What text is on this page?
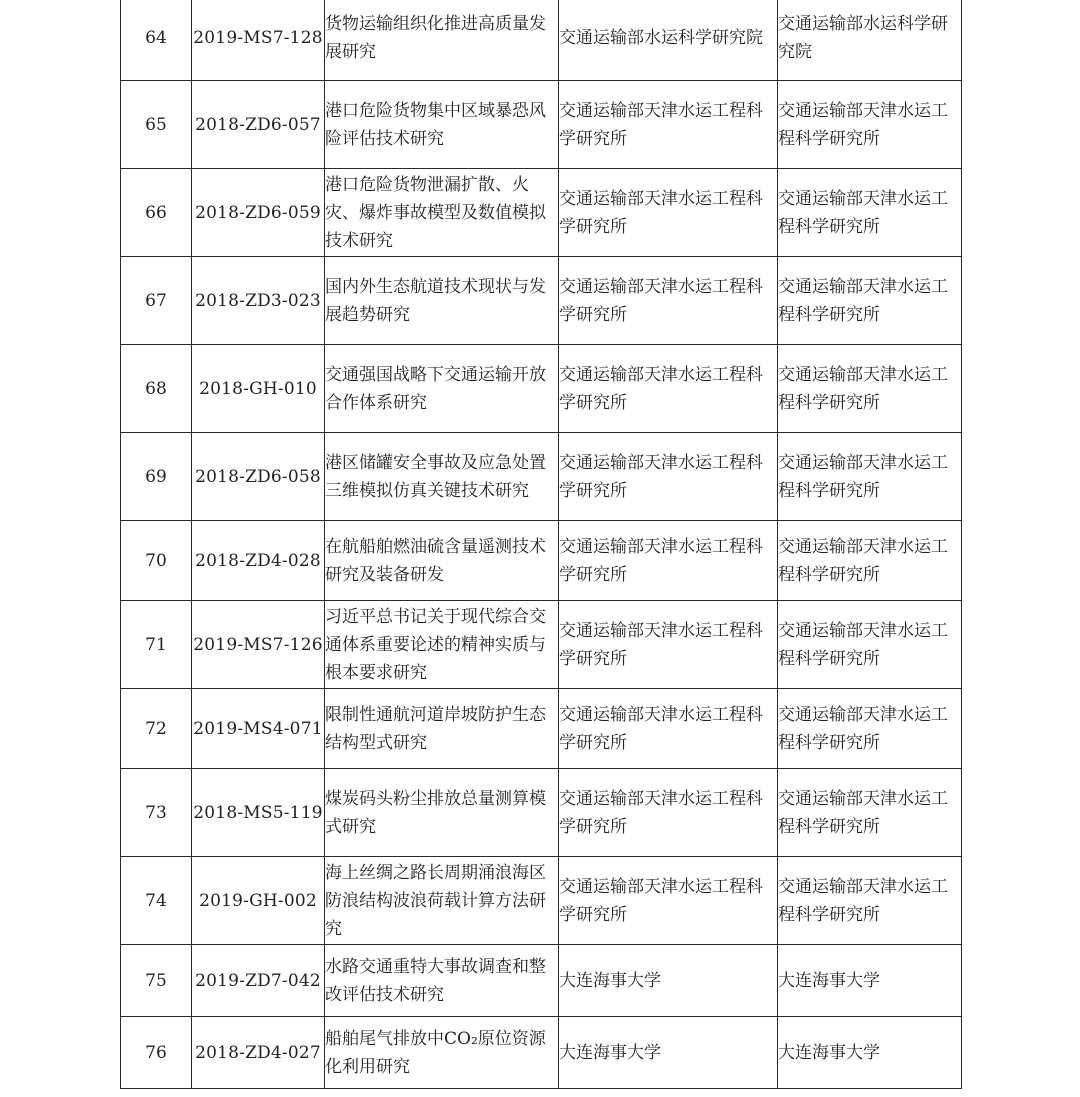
64	2019-MS7-128	货物运输组织化推进高质量发展研究	交通运输部水运科学研究院	交通运输部水运科学研究院

65	2018-ZD6-057	港口危险货物集中区域暴恐风险评估技术研究	交通运输部天津水运工程科学研究所	交通运输部天津水运工程科学研究所

66	2018-ZD6-059	港口危险货物泄漏扩散、火灾、爆炸事故模型及数值模拟技术研究	交通运输部天津水运工程科学研究所	交通运输部天津水运工程科学研究所

67	2018-ZD3-023	国内外生态航道技术现状与发展趋势研究	交通运输部天津水运工程科学研究所	交通运输部天津水运工程科学研究所

68	2018-GH-010	交通强国战略下交通运输开放合作体系研究	交通运输部天津水运工程科学研究所	交通运输部天津水运工程科学研究所

69	2018-ZD6-058	港区储罐安全事故及应急处置三维模拟仿真关键技术研究	交通运输部天津水运工程科学研究所	交通运输部天津水运工程科学研究所

70	2018-ZD4-028	在航船舶燃油硫含量遥测技术研究及装备研发	交通运输部天津水运工程科学研究所	交通运输部天津水运工程科学研究所

71	2019-MS7-126	习近平总书记关于现代综合交通体系重要论述的精神实质与根本要求研究	交通运输部天津水运工程科学研究所	交通运输部天津水运工程科学研究所

72	2019-MS4-071	限制性通航河道岸坡防护生态结构型式研究	交通运输部天津水运工程科学研究所	交通运输部天津水运工程科学研究所

73	2018-MS5-119	煤炭码头粉尘排放总量测算模式研究	交通运输部天津水运工程科学研究所	交通运输部天津水运工程科学研究所

74	2019-GH-002	海上丝绸之路长周期涌浪海区防浪结构波浪荷载计算方法研究	交通运输部天津水运工程科学研究所	交通运输部天津水运工程科学研究所

75	2019-ZD7-042	水路交通重特大事故调查和整改评估技术研究	大连海事大学	大连海事大学

76	2018-ZD4-027	船舶尾气排放中CO₂原位资源化利用研究	大连海事大学	大连海事大学
